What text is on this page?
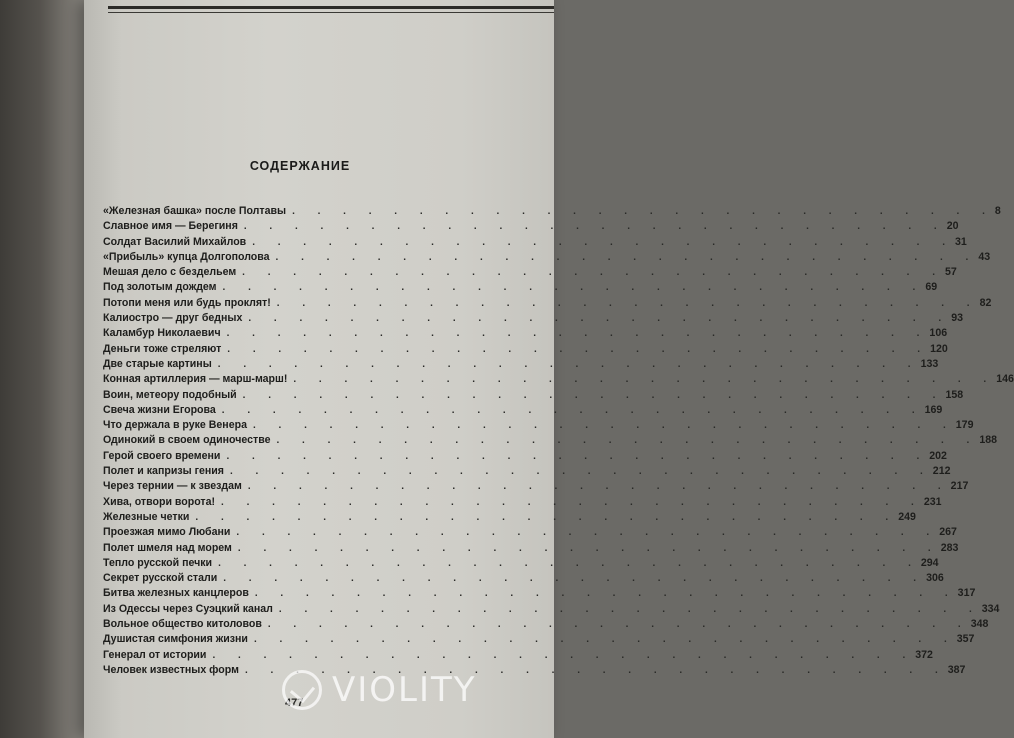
СОДЕРЖАНИЕ
«Железная башка» после Полтавы . . . . . . . . . . . . . . . . . . . . . . . . . . . . 8
Славное имя — Берегиня . . . . . . . . . . . . . . . . . . . . . . . . . . . . 20
Солдат Василий Михайлов . . . . . . . . . . . . . . . . . . . . . . . . . . . . 31
«Прибыль» купца Долгополова . . . . . . . . . . . . . . . . . . . . . . . . . . . . 43
Мешая дело с бездельем . . . . . . . . . . . . . . . . . . . . . . . . . . . . 57
Под золотым дождем . . . . . . . . . . . . . . . . . . . . . . . . . . . . 69
Потопи меня или будь проклят! . . . . . . . . . . . . . . . . . . . . . . . . . . . . 82
Калиостро — друг бедных . . . . . . . . . . . . . . . . . . . . . . . . . . . . 93
Каламбур Николаевич . . . . . . . . . . . . . . . . . . . . . . . . . . . . 106
Деньги тоже стреляют . . . . . . . . . . . . . . . . . . . . . . . . . . . . 120
Две старые картины . . . . . . . . . . . . . . . . . . . . . . . . . . . . 133
Конная артиллерия — марш-марш! . . . . . . . . . . . . . . . . . . . . . . . . . . . . 146
Воин, метеору подобный . . . . . . . . . . . . . . . . . . . . . . . . . . . . 158
Свеча жизни Егорова . . . . . . . . . . . . . . . . . . . . . . . . . . . . 169
Что держала в руке Венера . . . . . . . . . . . . . . . . . . . . . . . . . . . . 179
Одинокий в своем одиночестве . . . . . . . . . . . . . . . . . . . . . . . . . . . . 188
Герой своего времени . . . . . . . . . . . . . . . . . . . . . . . . . . . . 202
Полет и капризы гения . . . . . . . . . . . . . . . . . . . . . . . . . . . . 212
Через тернии — к звездам . . . . . . . . . . . . . . . . . . . . . . . . . . . . 217
Хива, отвори ворота! . . . . . . . . . . . . . . . . . . . . . . . . . . . . 231
Железные четки . . . . . . . . . . . . . . . . . . . . . . . . . . . . 249
Проезжая мимо Любани . . . . . . . . . . . . . . . . . . . . . . . . . . . . 267
Полет шмеля над морем . . . . . . . . . . . . . . . . . . . . . . . . . . . . 283
Тепло русской печки . . . . . . . . . . . . . . . . . . . . . . . . . . . . 294
Секрет русской стали . . . . . . . . . . . . . . . . . . . . . . . . . . . . 306
Битва железных канцлеров . . . . . . . . . . . . . . . . . . . . . . . . . . . . 317
Из Одессы через Суэцкий канал . . . . . . . . . . . . . . . . . . . . . . . . . . . . 334
Вольное общество китоловов . . . . . . . . . . . . . . . . . . . . . . . . . . . . 348
Душистая симфония жизни . . . . . . . . . . . . . . . . . . . . . . . . . . . . 357
Генерал от истории . . . . . . . . . . . . . . . . . . . . . . . . . . . . 372
Человек известных форм . . . . . . . . . . . . . . . . . . . . . . . . . . . . 387
477 VIOLITY
